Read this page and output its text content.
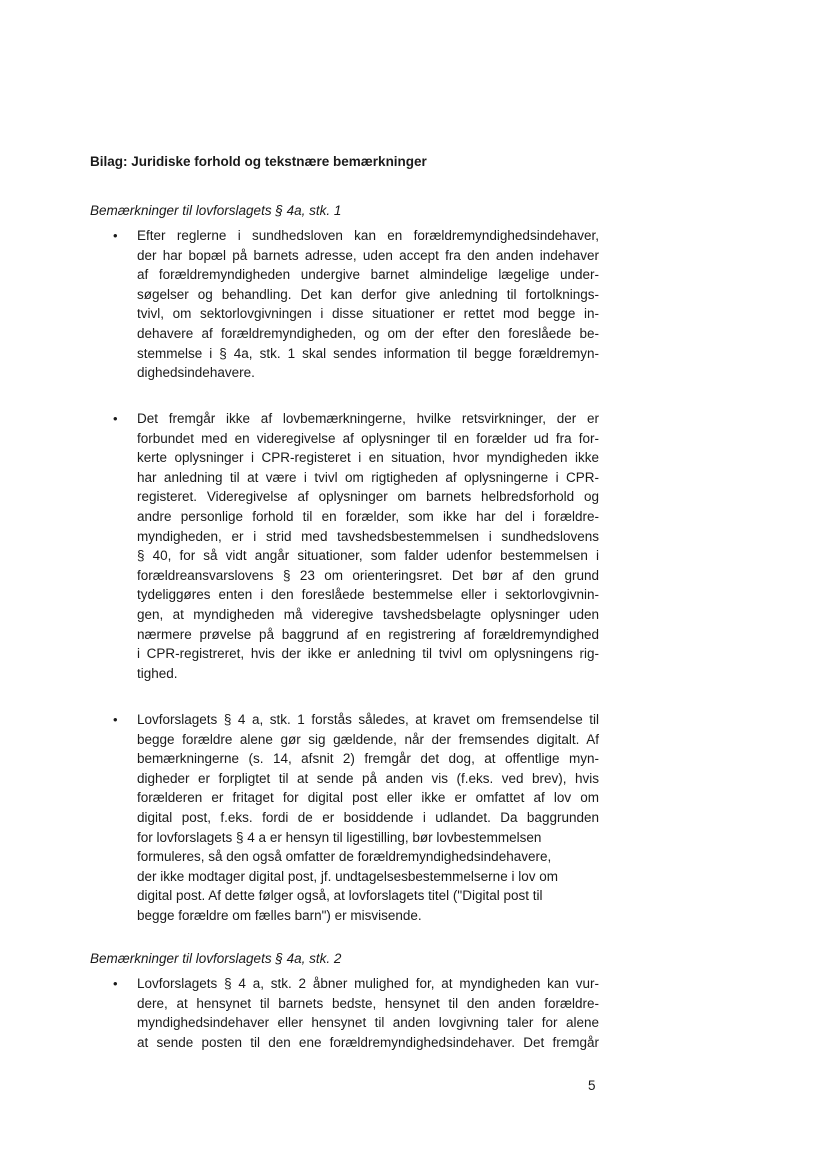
Bilag: Juridiske forhold og tekstnære bemærkninger
Bemærkninger til lovforslagets § 4a, stk. 1
• Efter reglerne i sundhedsloven kan en forældremyndighedsindehaver,
der har bopæl på barnets adresse, uden accept fra den anden indehaver
af forældremyndigheden undergive barnet almindelige lægelige under-
søgelser og behandling. Det kan derfor give anledning til fortolknings-
tvivl, om sektorlovgivningen i disse situationer er rettet mod begge in-
dehavere af forældremyndigheden, og om der efter den foreslåede be-
stemmelse i § 4a, stk. 1 skal sendes information til begge forældremyn-
dighedsindehavere.
• Det fremgår ikke af lovbemærkningerne, hvilke retsvirkninger, der er
forbundet med en videregivelse af oplysninger til en forælder ud fra for-
kerte oplysninger i CPR-registeret i en situation, hvor myndigheden ikke
har anledning til at være i tvivl om rigtigheden af oplysningerne i CPR-
registeret. Videregivelse af oplysninger om barnets helbredsforhold og
andre personlige forhold til en forælder, som ikke har del i forældre-
myndigheden, er i strid med tavshedsbestemmelsen i sundhedslovens
§ 40, for så vidt angår situationer, som falder udenfor bestemmelsen i
forældreansvarslovens § 23 om orienteringsret. Det bør af den grund
tydeliggøres enten i den foreslåede bestemmelse eller i sektorlovgivnin-
gen, at myndigheden må videregive tavshedsbelagte oplysninger uden
nærmere prøvelse på baggrund af en registrering af forældremyndighed
i CPR-registreret, hvis der ikke er anledning til tvivl om oplysningens rig-
tighed.
• Lovforslagets § 4 a, stk. 1 forstås således, at kravet om fremsendelse til
begge forældre alene gør sig gældende, når der fremsendes digitalt. Af
bemærkningerne (s. 14, afsnit 2) fremgår det dog, at offentlige myn-
digheder er forpligtet til at sende på anden vis (f.eks. ved brev), hvis
forælderen er fritaget for digital post eller ikke er omfattet af lov om
digital post, f.eks. fordi de er bosiddende i udlandet. Da baggrunden
for lovforslagets § 4 a er hensyn til ligestilling, bør lovbestemmelsen
formuleres, så den også omfatter de forældremyndighedsindehavere,
der ikke modtager digital post, jf. undtagelsesbestemmelserne i lov om
digital post. Af dette følger også, at lovforslagets titel ("Digital post til
begge forældre om fælles barn") er misvisende.
Bemærkninger til lovforslagets § 4a, stk. 2
• Lovforslagets § 4 a, stk. 2 åbner mulighed for, at myndigheden kan vur-
dere, at hensynet til barnets bedste, hensynet til den anden forældre-
myndighedsindehaver eller hensynet til anden lovgivning taler for alene
at sende posten til den ene forældremyndighedsindehaver. Det fremgår
5
